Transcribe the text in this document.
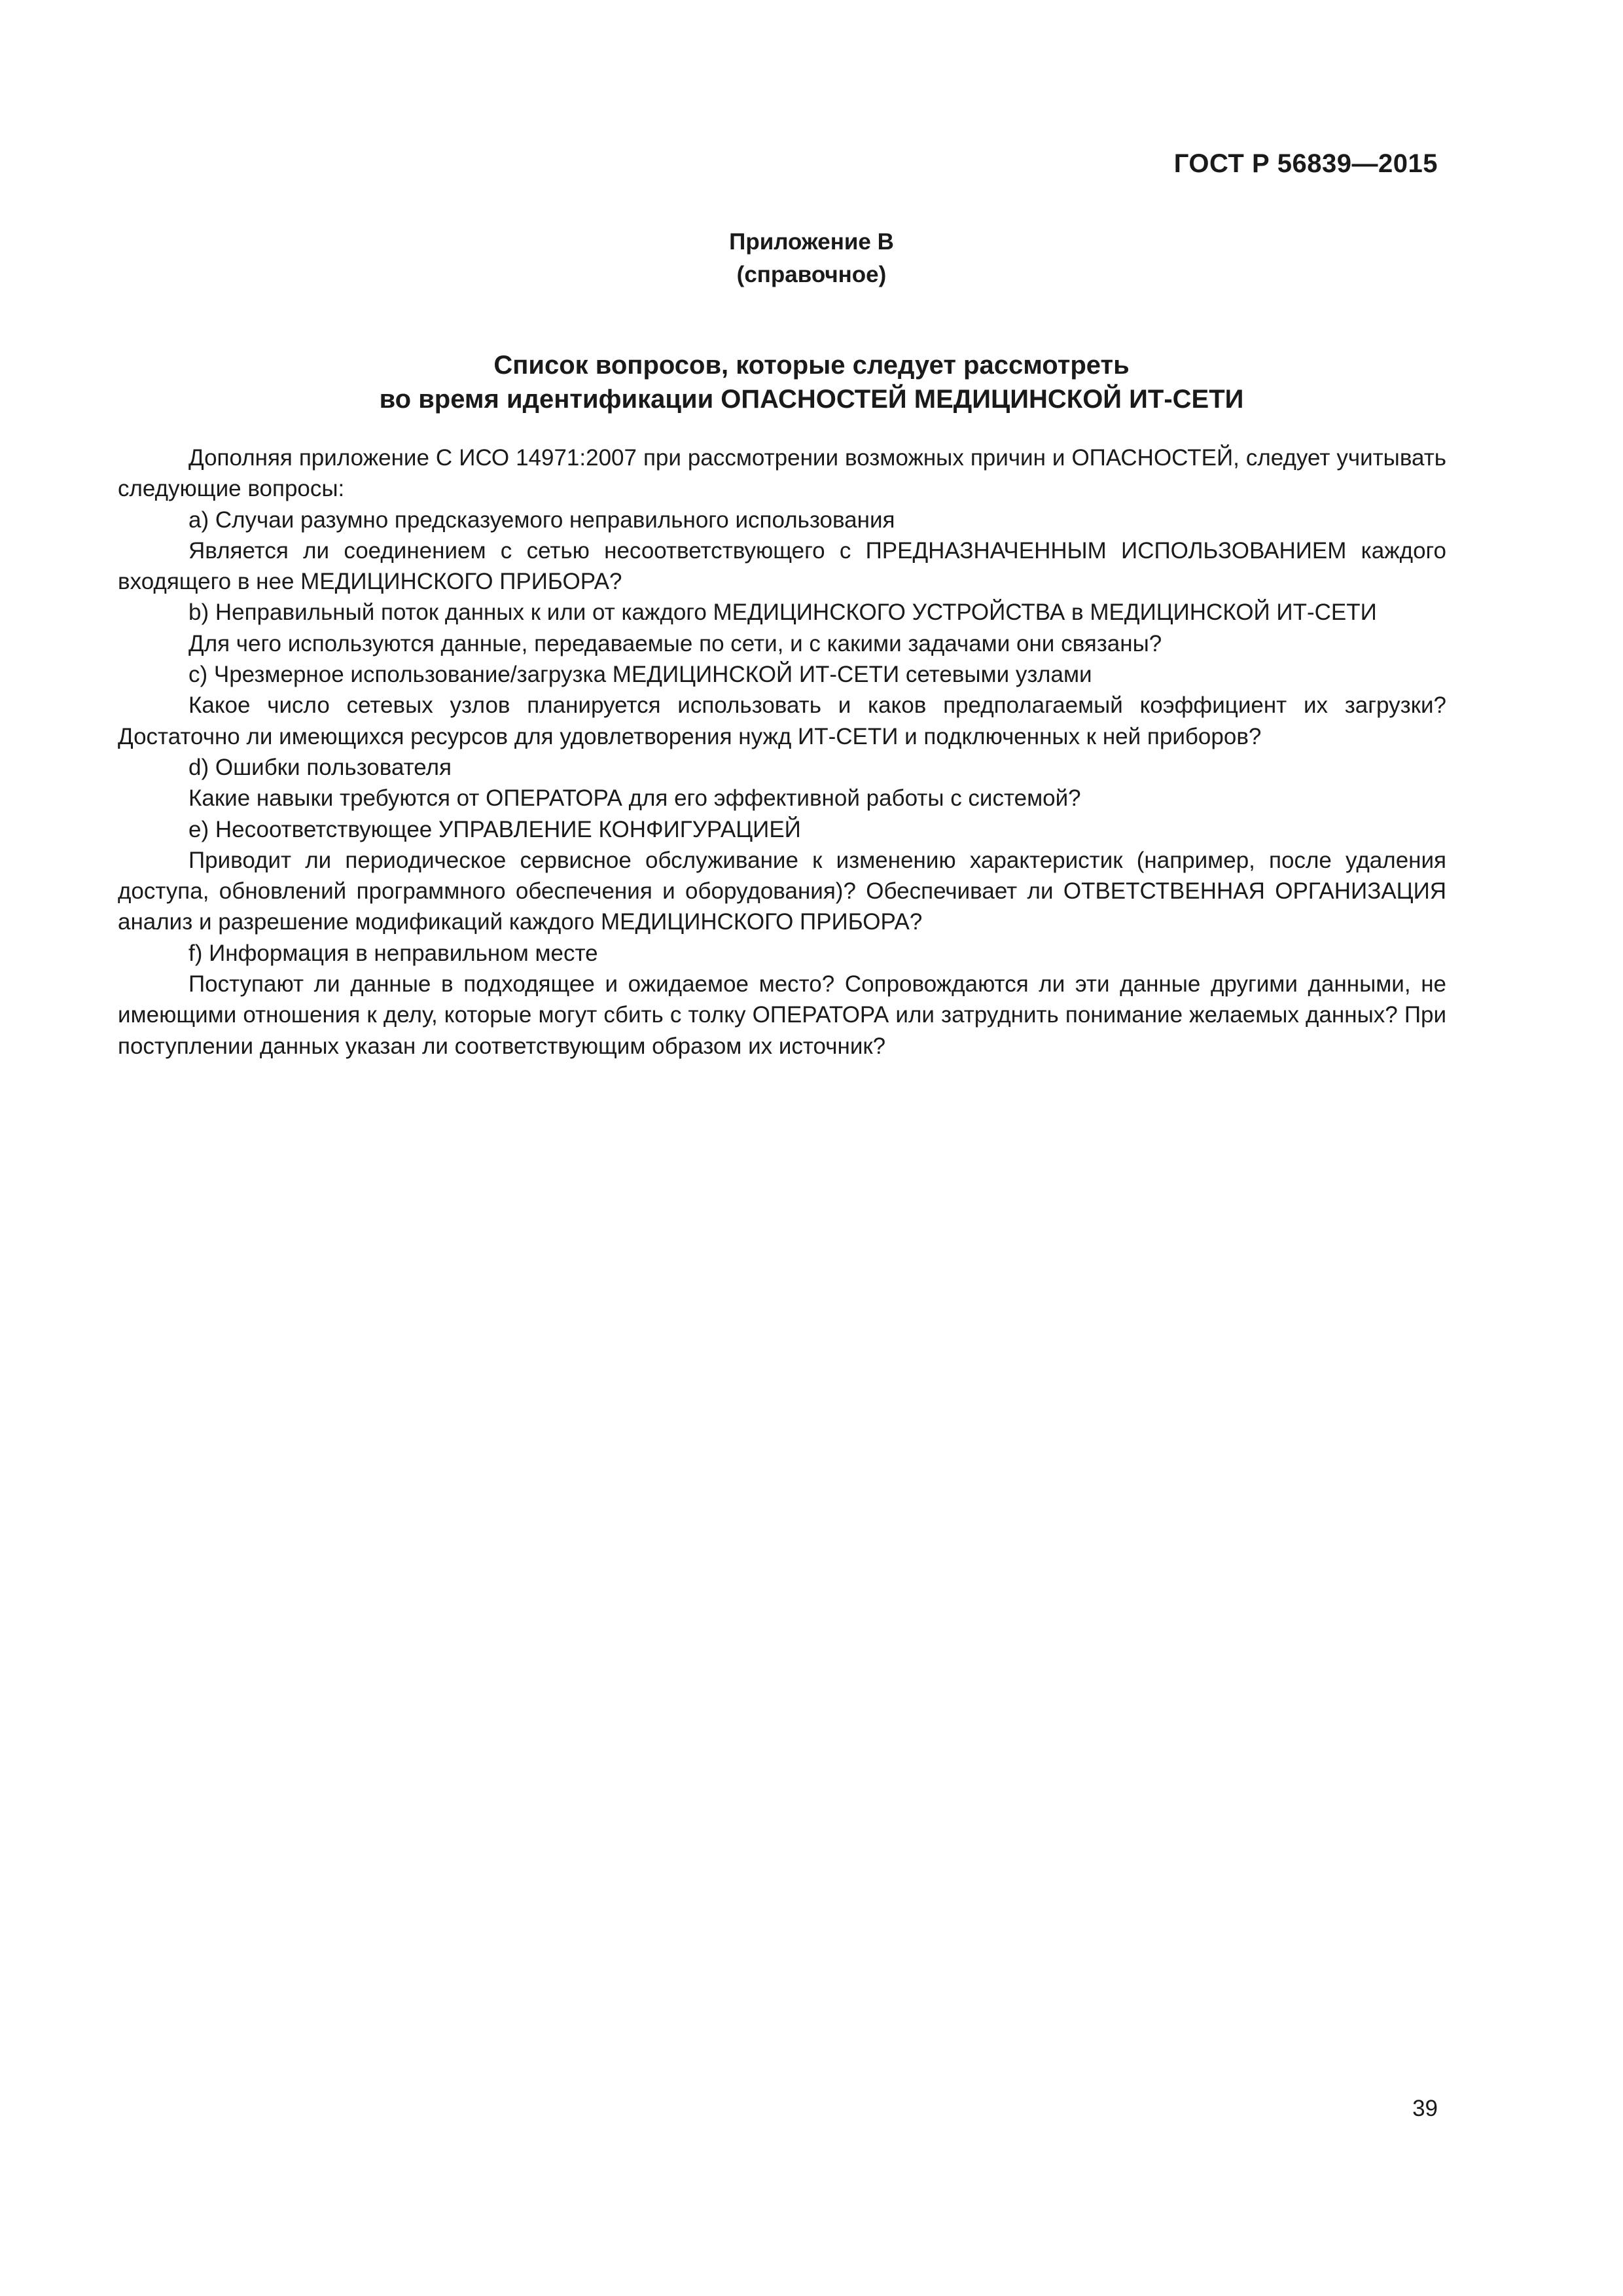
ГОСТ Р 56839—2015
Приложение В
(справочное)
Список вопросов, которые следует рассмотреть
во время идентификации ОПАСНОСТЕЙ МЕДИЦИНСКОЙ ИТ-СЕТИ

Дополняя приложение С ИСО 14971:2007 при рассмотрении возможных причин и ОПАСНОСТЕЙ, следует учитывать следующие вопросы:

a) Случаи разумно предсказуемого неправильного использования

Является ли соединением с сетью несоответствующего с ПРЕДНАЗНАЧЕННЫМ ИСПОЛЬЗОВАНИЕМ каждого входящего в нее МЕДИЦИНСКОГО ПРИБОРА?

b) Неправильный поток данных к или от каждого МЕДИЦИНСКОГО УСТРОЙСТВА в МЕДИЦИНСКОЙ ИТ-СЕТИ

Для чего используются данные, передаваемые по сети, и с какими задачами они связаны?

c) Чрезмерное использование/загрузка МЕДИЦИНСКОЙ ИТ-СЕТИ сетевыми узлами

Какое число сетевых узлов планируется использовать и каков предполагаемый коэффициент их загрузки? Достаточно ли имеющихся ресурсов для удовлетворения нужд ИТ-СЕТИ и подключенных к ней приборов?

d) Ошибки пользователя

Какие навыки требуются от ОПЕРАТОРА для его эффективной работы с системой?

e) Несоответствующее УПРАВЛЕНИЕ КОНФИГУРАЦИЕЙ

Приводит ли периодическое сервисное обслуживание к изменению характеристик (например, после удаления доступа, обновлений программного обеспечения и оборудования)? Обеспечивает ли ОТВЕТСТВЕННАЯ ОРГАНИЗАЦИЯ анализ и разрешение модификаций каждого МЕДИЦИНСКОГО ПРИБОРА?

f) Информация в неправильном месте

Поступают ли данные в подходящее и ожидаемое место? Сопровождаются ли эти данные другими данными, не имеющими отношения к делу, которые могут сбить с толку ОПЕРАТОРА или затруднить понимание желаемых данных? При поступлении данных указан ли соответствующим образом их источник?

39
